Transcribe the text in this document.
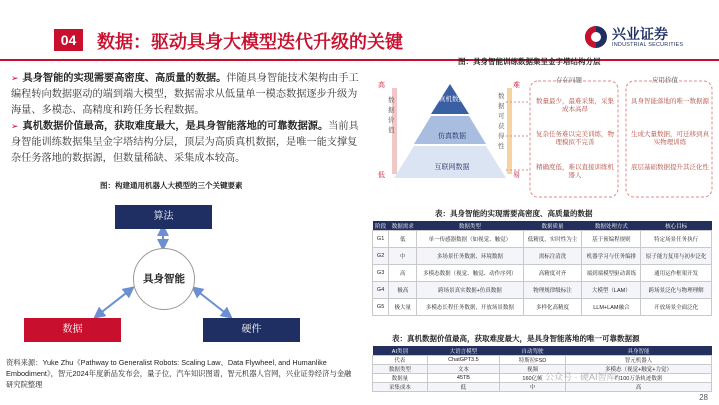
04	数据：驱动具身大模型迭代升级的关键	兴业证券
INDUSTRIAL SECURITIES
➢ 具身智能的实现需要高密度、高质量的数据。伴随具身智能技术架构由手工编程转向数据驱动的端到端大模型，数据需求从低量单一模态数据逐步升级为海量、多模态、高精度和跨任务长程数据。
➢ 真机数据价值最高，获取难度最大，是具身智能落地的可靠数据源。当前具身智能训练数据集呈金字塔结构分层，顶层为高质真机数据，是唯一能支撑复杂任务落地的数据源，但数量稀缺、采集成本较高。
图：构建通用机器人大模型的三个关键要素
算法
具身智能
数据	硬件
资料来源：Yuke Zhu《Pathway to Generalist Robots: Scaling Law、Data Flywheel, and Humanlike Embodiment》，智元2024年度新品发布会，量子位，汽车知识图谱，智元机器人官网，兴业证券经济与金融研究院整理
图：具身智能训练数据集呈金字塔结构分层
真机数据
仿真数据
互联网数据
数据价值
高
低
数据可获得性
难
易
存在问题	应用价值
数量最少，最难采集，采集成本高昂
复杂任务难以完美训练，物理模拟不完善
精确度低，难以直接训练机器人
具身智能落地的唯一数据源
生成大量数据，可迁移到真实物理训练
底层基础数据提升其泛化性
表：具身智能的实现需要高密度、高质量的数据
阶段	数据需求	数据类型	数据质量	数据处理方式	核心目标
G1	低	单一传感器数据（如视觉、触觉）	低精度，实时性为主	基于预编程规则	特定场景任务执行
G2	中	多场景任务数据、环境数据	需标注清洗	机器学习与任务编排	原子能力复用与初步泛化
G3	高	多模态数据（视觉、触觉、动作序列）	高精度对齐	端到端模型驱动训练	通用运作框架开发
G4	极高	跨场景真实数据+仿真数据	物理规律级标注	大模型（LAM）	跨场景泛化与物理理解
G5	极大量	多模态长程任务数据，开放场景数据	多样化高精度	LLM+LAM融合	开放场景全面泛化
表：真机数据价值最高，获取难度最大，是具身智能落地的唯一可靠数据源
AI类别	大语言模型	自动驾驶	具身智能
代表	ChatGPT3.5	特斯拉FSD	智元机器人
数据类型	文本	视频	多模态（视觉+触觉+力觉）
数据量	45TB	160亿帧	约100万条轨迹数据
采集成本	低	中	高
公众号 · 硬AI智库
28
